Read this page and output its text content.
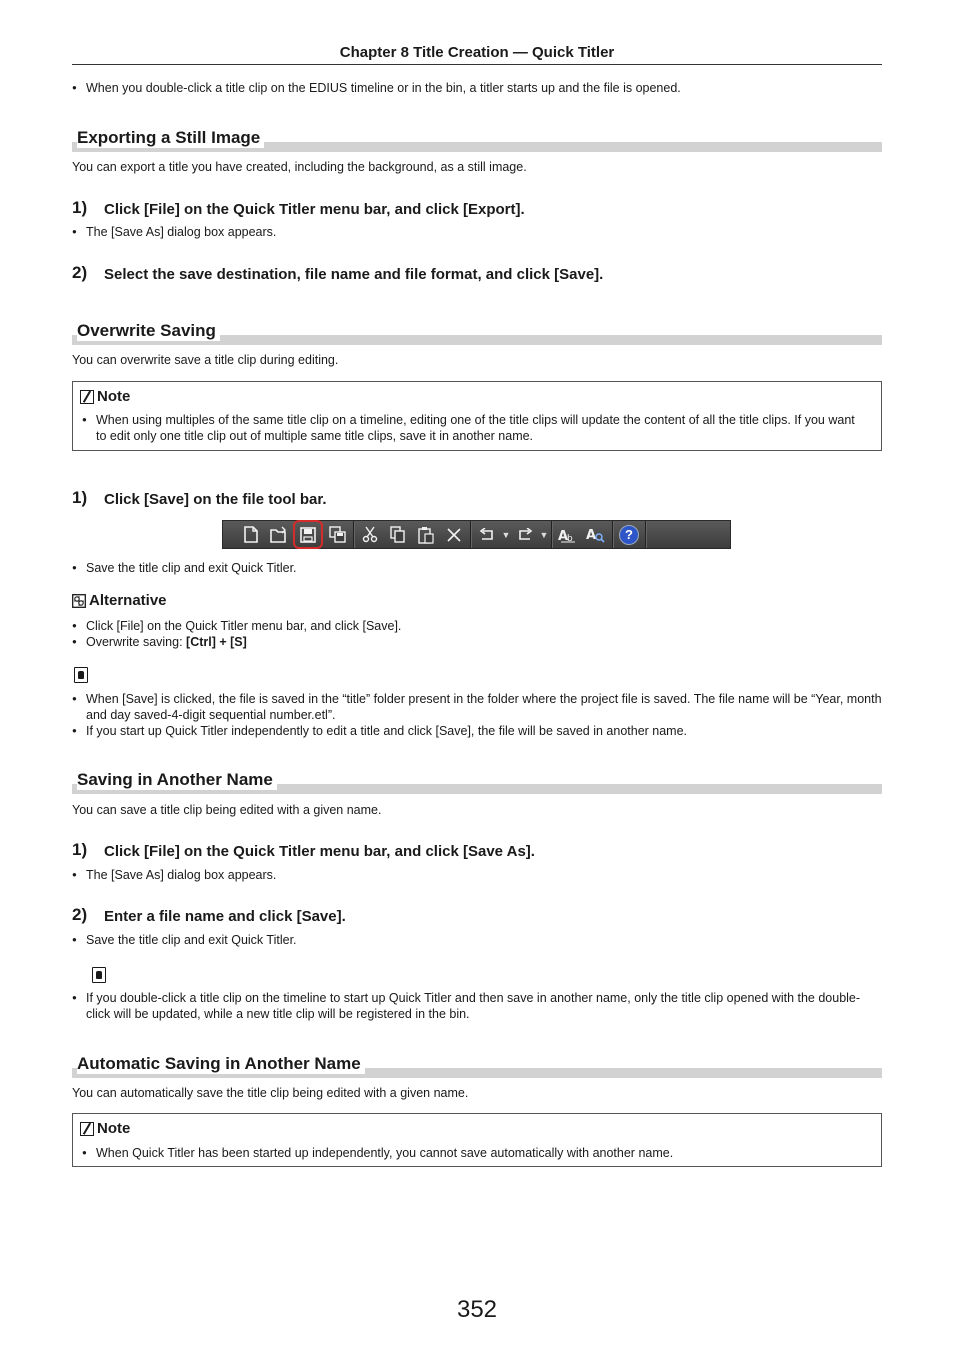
Chapter 8 Title Creation — Quick Titler
● When you double-click a title clip on the EDIUS timeline or in the bin, a titler starts up and the file is opened.
Exporting a Still Image
You can export a title you have created, including the background, as a still image.
1) Click [File] on the Quick Titler menu bar, and click [Export].
● The [Save As] dialog box appears.
2) Select the save destination, file name and file format, and click [Save].
Overwrite Saving
You can overwrite save a title clip during editing.
Note
● When using multiples of the same title clip on a timeline, editing one of the title clips will update the content of all the title clips. If you want to edit only one title clip out of multiple same title clips, save it in another name.
1) Click [Save] on the file tool bar.
▼	▼ A
b A	?
● Save the title clip and exit Quick Titler.
Alternative
● Click [File] on the Quick Titler menu bar, and click [Save].
● Overwrite saving: [Ctrl] + [S]

● When [Save] is clicked, the file is saved in the “title” folder present in the folder where the project file is saved. The file name will be “Year, month and day saved-4-digit sequential number.etl”.
● If you start up Quick Titler independently to edit a title and click [Save], the file will be saved in another name.
Saving in Another Name
You can save a title clip being edited with a given name.
1) Click [File] on the Quick Titler menu bar, and click [Save As].
● The [Save As] dialog box appears.
2) Enter a file name and click [Save].
● Save the title clip and exit Quick Titler.
● If you double-click a title clip on the timeline to start up Quick Titler and then save in another name, only the title clip opened with the double-click will be updated, while a new title clip will be registered in the bin.
Automatic Saving in Another Name
You can automatically save the title clip being edited with a given name.
Note
● When Quick Titler has been started up independently, you cannot save automatically with another name.
352
